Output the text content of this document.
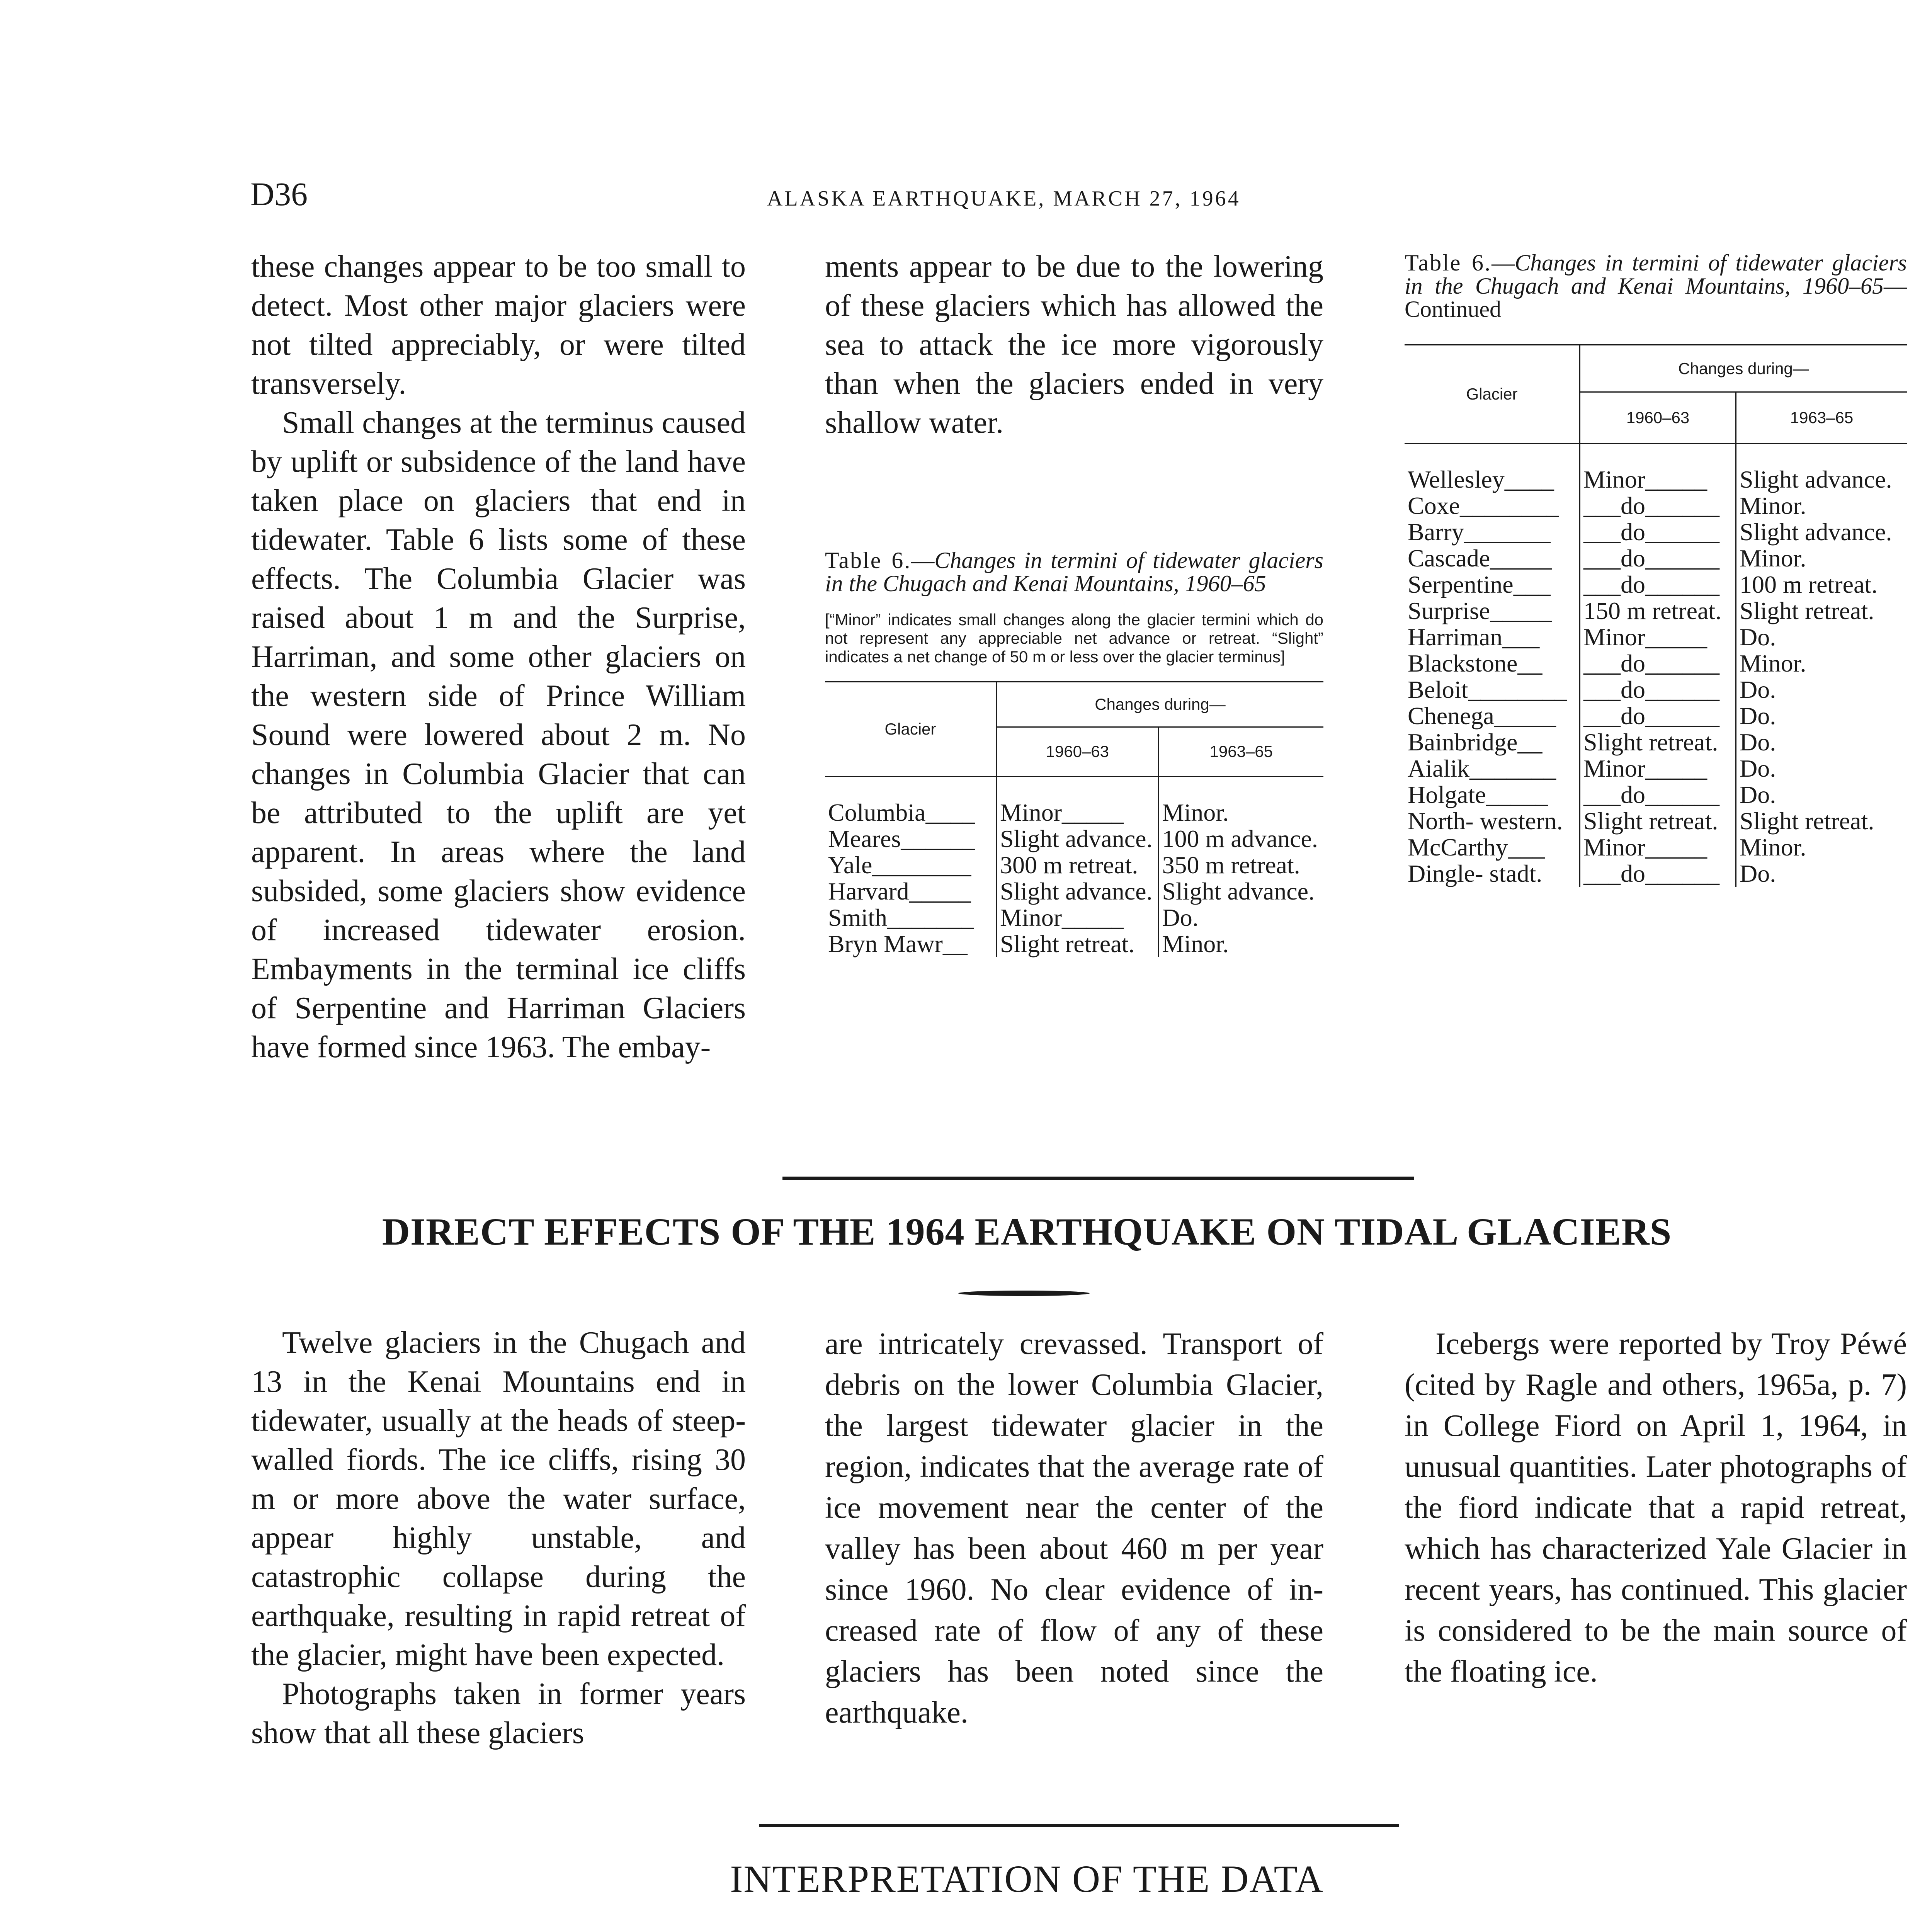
D36	ALASKA EARTHQUAKE, MARCH 27, 1964

these changes appear to be too small to detect. Most other major glaciers were not tilted appreciably, or were tilted transversely.

Small changes at the terminus caused by uplift or subsidence of the land have taken place on glaciers that end in tidewater. Table 6 lists some of these effects. The Columbia Glacier was raised about 1 m and the Surprise, Harriman, and some other glaciers on the western side of Prince William Sound were lowered about 2 m. No changes in Columbia Glacier that can be attributed to the uplift are yet apparent. In areas where the land subsided, some glaciers show evidence of increased tidewater erosion. Embayments in the terminal ice cliffs of Serpentine and Harriman Glaciers have formed since 1963. The embay-

ments appear to be due to the lowering of these glaciers which has allowed the sea to attack the ice more vigorously than when the glaciers ended in very shallow water.

Table 6.—Changes in termini of tidewater glaciers in the Chugach and Kenai Mountains, 1960–65
[“Minor” indicates small changes along the glacier termini which do not represent any appreciable net advance or retreat. “Slight” indicates a net change of 50 m or less over the glacier terminus]
Glacier	Changes during—	
	1960–63	1963–65
Columbia____	Minor_____	Minor.
Meares______	Slight advance.	100 m advance.
Yale________	300 m retreat.	350 m retreat.
Harvard_____	Slight advance.	Slight advance.
Smith_______	Minor_____	Do.
Bryn Mawr__	Slight retreat.	Minor.
Table 6.—Changes in termini of tidewater glaciers in the Chugach and Kenai Mountains, 1960–65—Continued
Glacier	Changes during—	
	1960–63	1963–65
Wellesley____	Minor_____	Slight advance.
Coxe________	___do______	Minor.
Barry_______	___do______	Slight advance.
Cascade_____	___do______	Minor.
Serpentine___	___do______	100 m retreat.
Surprise_____	150 m retreat.	Slight retreat.
Harriman___	Minor_____	Do.
Blackstone__	___do______	Minor.
Beloit________	___do______	Do.
Chenega_____	___do______	Do.
Bainbridge__	Slight retreat.	Do.
Aialik_______	Minor_____	Do.
Holgate_____	___do______	Do.
North- western.	Slight retreat.	Slight retreat.
McCarthy___	Minor_____	Minor.
Dingle- stadt.	___do______	Do.
DIRECT EFFECTS OF THE 1964 EARTHQUAKE ON TIDAL GLACIERS

Twelve glaciers in the Chugach and 13 in the Kenai Mountains end in tidewater, usually at the heads of steep-walled fiords. The ice cliffs, rising 30 m or more above the water surface, appear highly unstable, and catastrophic collapse during the earthquake, resulting in rapid retreat of the glacier, might have been expected.

Photographs taken in former years show that all these glaciers

are intricately crevassed. Transport of debris on the lower Columbia Glacier, the largest tidewater glacier in the region, indicates that the average rate of ice movement near the center of the valley has been about 460 m per year since 1960. No clear evidence of increased rate of flow of any of these glaciers has been noted since the earthquake.

Icebergs were reported by Troy Péwé (cited by Ragle and others, 1965a, p. 7) in College Fiord on April 1, 1964, in unusual quantities. Later photographs of the fiord indicate that a rapid retreat, which has characterized Yale Glacier in recent years, has continued. This glacier is considered to be the main source of the floating ice.

INTERPRETATION OF THE DATA
